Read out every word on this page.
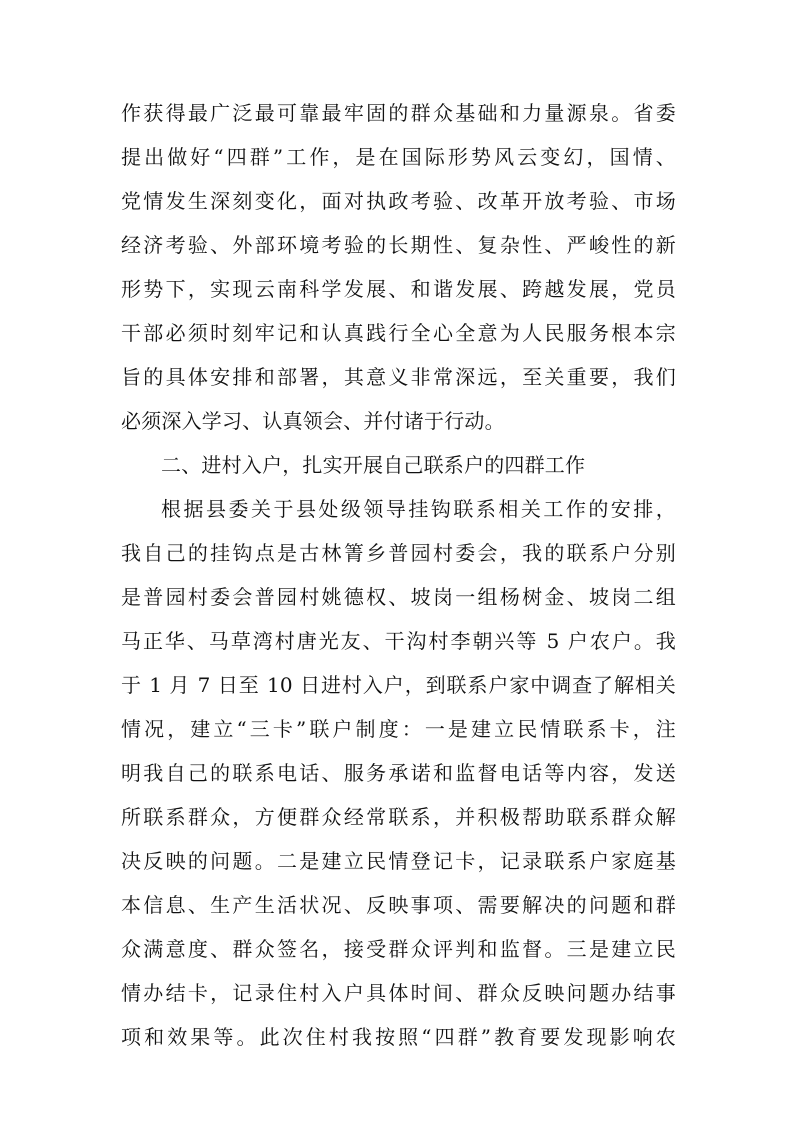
作获得最广泛最可靠最牢固的群众基础和力量源泉。省委
提出做好“四群”工作，是在国际形势风云变幻，国情、
党情发生深刻变化，面对执政考验、改革开放考验、市场
经济考验、外部环境考验的长期性、复杂性、严峻性的新
形势下，实现云南科学发展、和谐发展、跨越发展，党员
干部必须时刻牢记和认真践行全心全意为人民服务根本宗
旨的具体安排和部署，其意义非常深远，至关重要，我们
必须深入学习、认真领会、并付诸于行动。
二、进村入户，扎实开展自己联系户的四群工作
根据县委关于县处级领导挂钩联系相关工作的安排，
我自己的挂钩点是古林箐乡普园村委会，我的联系户分别
是普园村委会普园村姚德权、坡岗一组杨树金、坡岗二组
马正华、马草湾村唐光友、干沟村李朝兴等 5 户农户。我
于 1 月 7 日至 10 日进村入户，到联系户家中调查了解相关
情况，建立“三卡”联户制度：一是建立民情联系卡，注
明我自己的联系电话、服务承诺和监督电话等内容，发送
所联系群众，方便群众经常联系，并积极帮助联系群众解
决反映的问题。二是建立民情登记卡，记录联系户家庭基
本信息、生产生活状况、反映事项、需要解决的问题和群
众满意度、群众签名，接受群众评判和监督。三是建立民
情办结卡，记录住村入户具体时间、群众反映问题办结事
项和效果等。此次住村我按照“四群”教育要发现影响农
